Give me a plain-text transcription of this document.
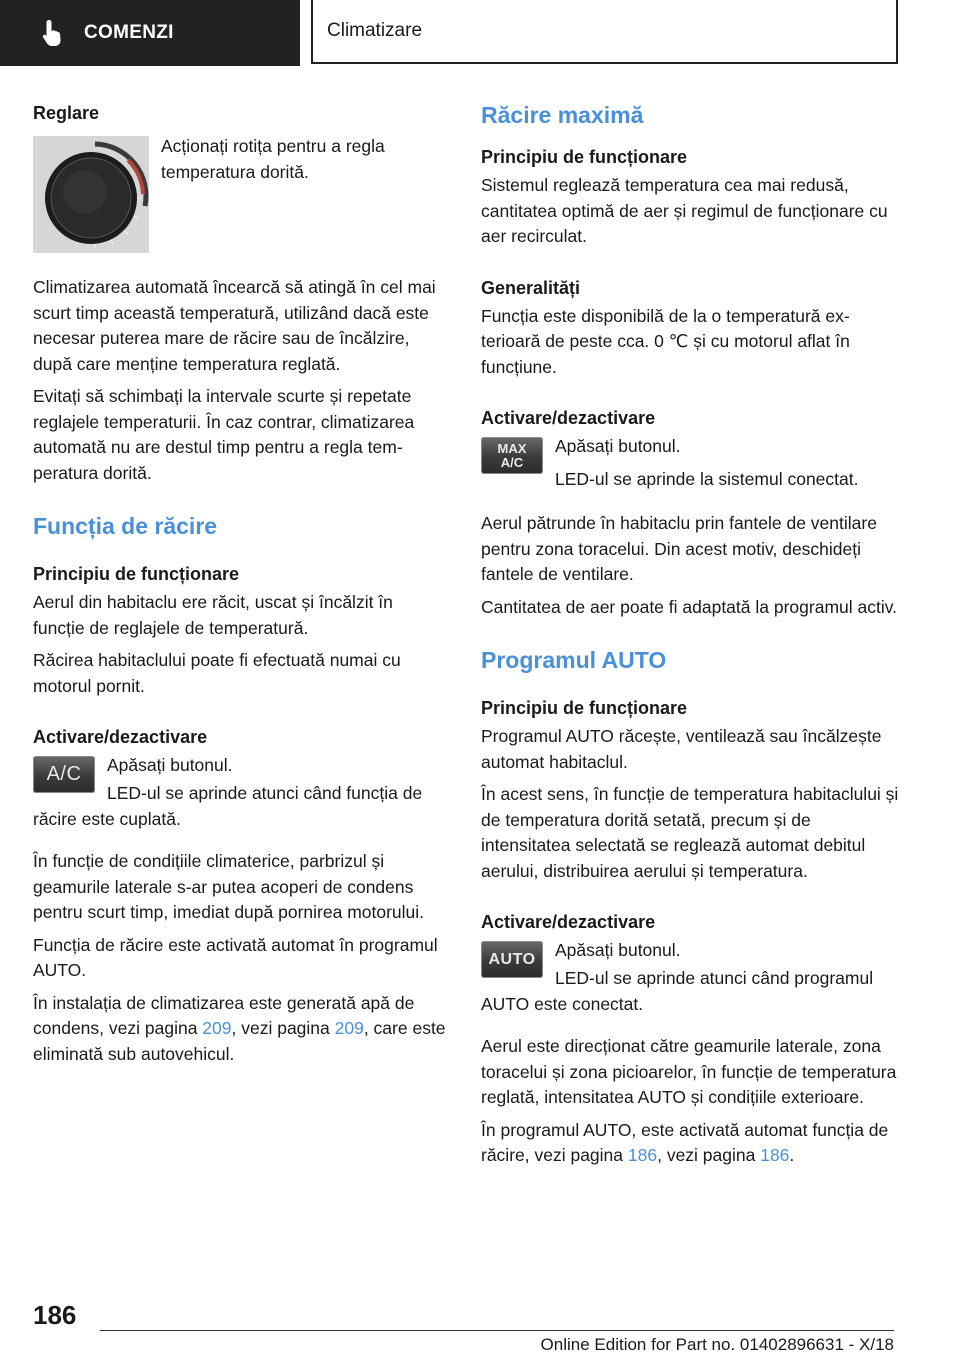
COMENZI	Climatizare
Reglare
Acționați rotița pentru a regla temperatura dorită.

Climatizarea automată încearcă să atingă în cel mai scurt timp această temperatură, utilizând dacă este necesar puterea mare de răcire sau de încălzire, după care menține temperatura reglată.

Evitați să schimbați la intervale scurte și repetate reglajele temperaturii. În caz contrar, climatizarea automată nu are destul timp pentru a regla temperatura dorită.

Funcția de răcire
Principiu de funcționare

Aerul din habitaclu ere răcit, uscat și încălzit în funcție de reglajele de temperatură.

Răcirea habitaclului poate fi efectuată numai cu motorul pornit.

Activare/dezactivare
A/C Apăsați butonul.

LED-ul se aprinde atunci când funcția de răcire este cuplată.

În funcție de condițiile climaterice, parbrizul și geamurile laterale s-ar putea acoperi de condens pentru scurt timp, imediat după pornirea motorului.

Funcția de răcire este activată automat în programul AUTO.

În instalația de climatizarea este generată apă de condens, vezi pagina 209, vezi pagina 209, care este eliminată sub autovehicul.

Răcire maximă
Principiu de funcționare

Sistemul reglează temperatura cea mai redusă, cantitatea optimă de aer și regimul de funcționare cu aer recirculat.

Generalități

Funcția este disponibilă de la o temperatură exterioară de peste cca. 0 ℃ și cu motorul aflat în funcțiune.

Activare/dezactivare
MAX
A/C

Apăsați butonul.

LED-ul se aprinde la sistemul conectat.

Aerul pătrunde în habitaclu prin fantele de ventilare pentru zona toracelui. Din acest motiv, deschideți fantele de ventilare.

Cantitatea de aer poate fi adaptată la programul activ.

Programul AUTO
Principiu de funcționare

Programul AUTO răcește, ventilează sau încălzește automat habitaclul.

În acest sens, în funcție de temperatura habitaclului și de temperatura dorită setată, precum și de intensitatea selectată se reglează automat debitul aerului, distribuirea aerului și temperatura.

Activare/dezactivare
AUTO Apăsați butonul.

LED-ul se aprinde atunci când programul AUTO este conectat.

Aerul este direcționat către geamurile laterale, zona toracelui și zona picioarelor, în funcție de temperatura reglată, intensitatea AUTO și condițiile exterioare.

În programul AUTO, este activată automat funcția de răcire, vezi pagina 186, vezi pagina 186.

186
Online Edition for Part no. 01402896631 - X/18
